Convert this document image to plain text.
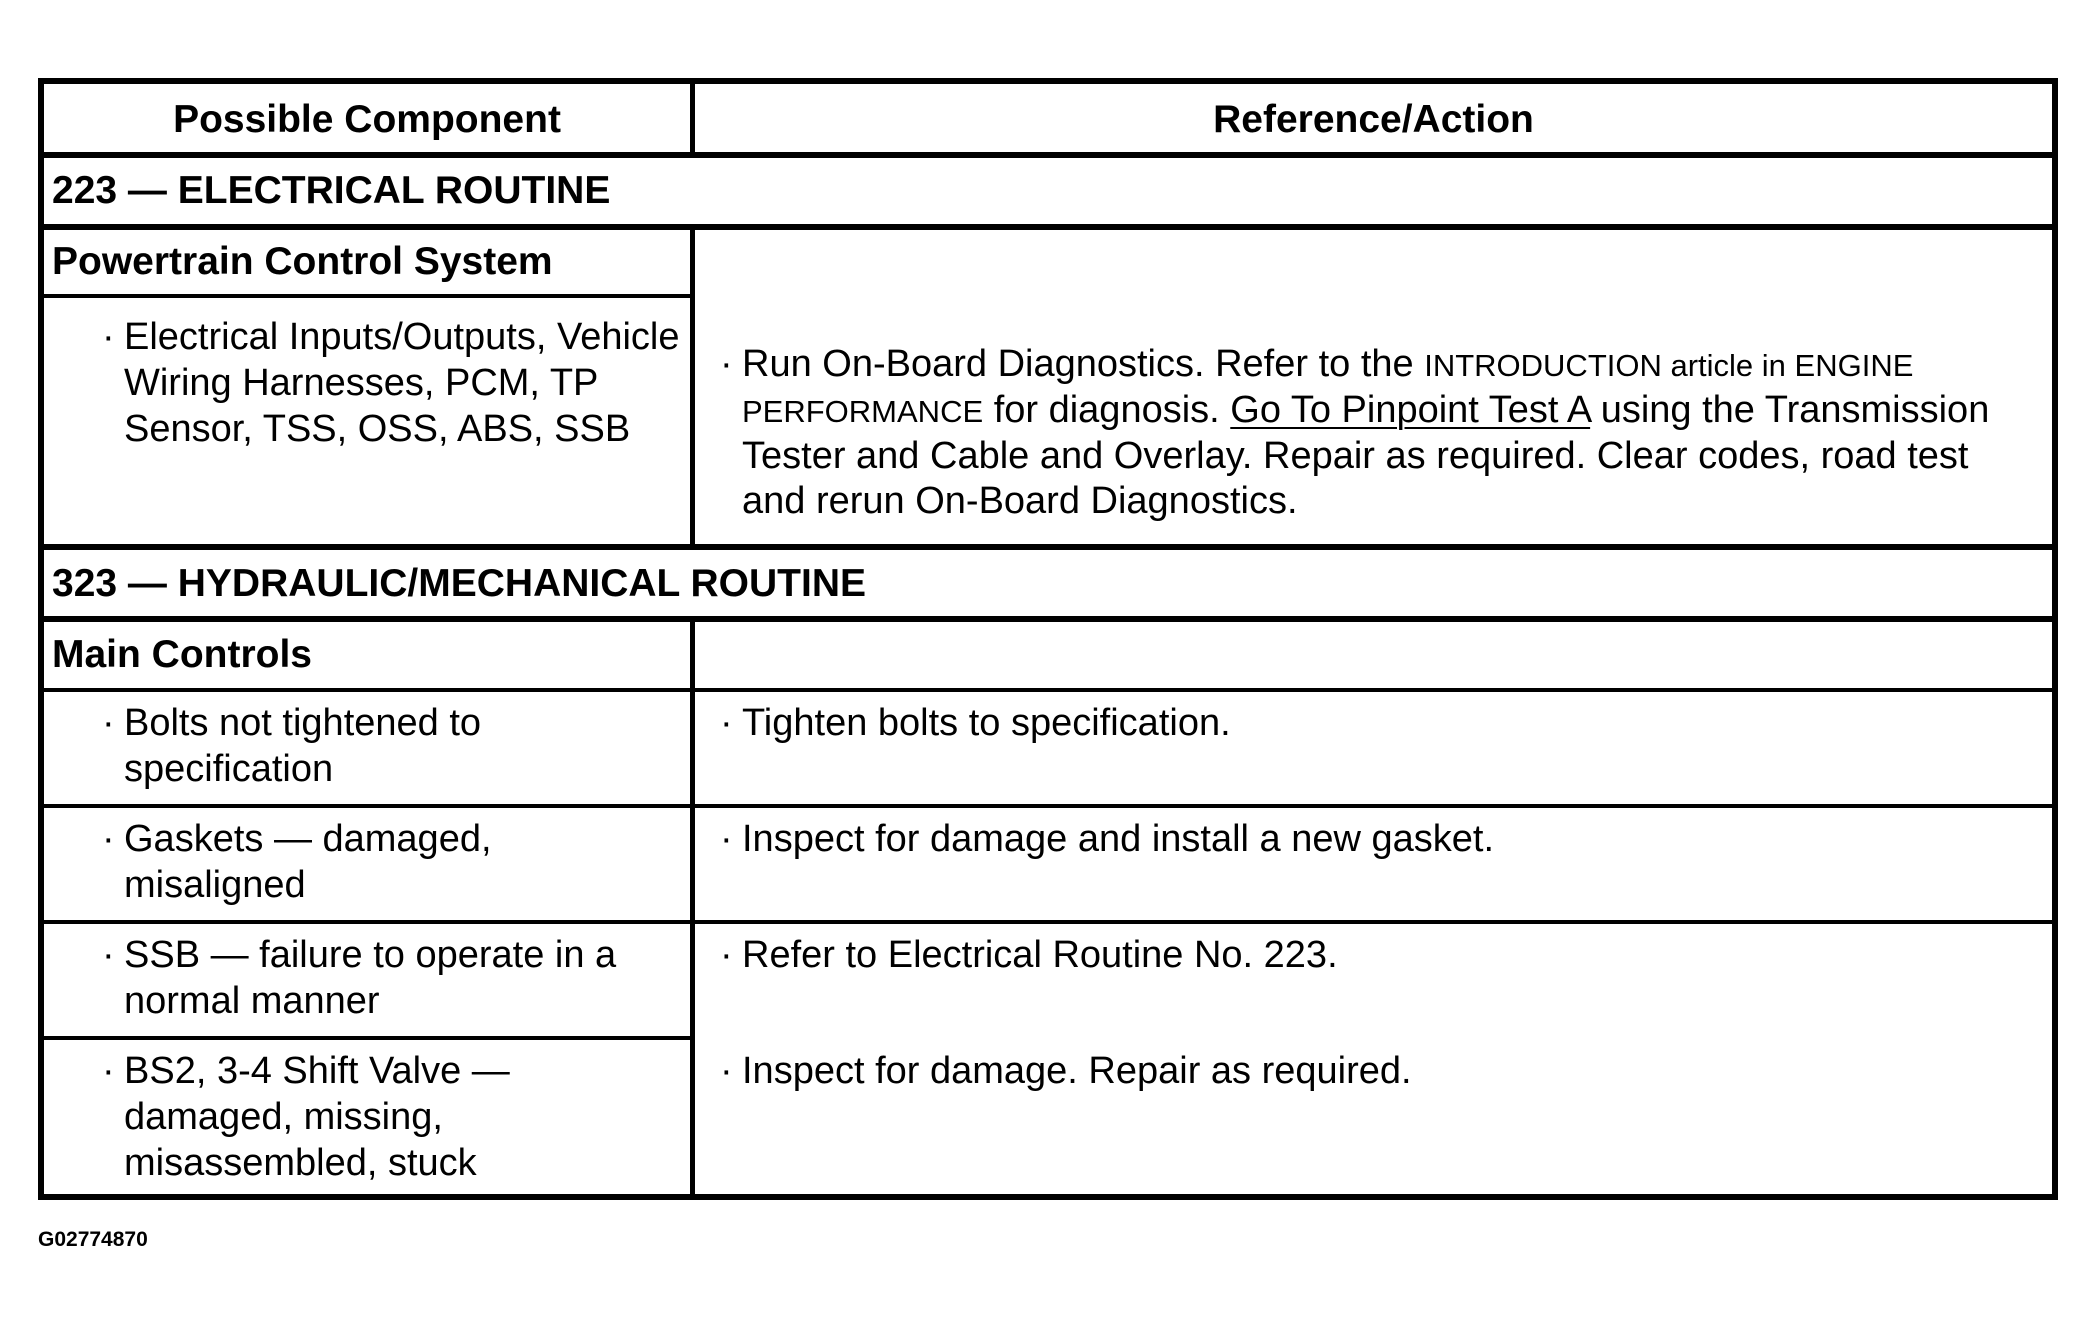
Possible Component	Reference/Action
223 — ELECTRICAL ROUTINE
Powertrain Control System
· Electrical Inputs/Outputs, Vehicle Wiring Harnesses, PCM, TP Sensor, TSS, OSS, ABS, SSB
· Run On-Board Diagnostics. Refer to the INTRODUCTION article in ENGINE PERFORMANCE for diagnosis. Go To Pinpoint Test A using the Transmission Tester and Cable and Overlay. Repair as required. Clear codes, road test and rerun On-Board Diagnostics.
323 — HYDRAULIC/MECHANICAL ROUTINE
Main Controls
· Bolts not tightened to specification
· Tighten bolts to specification.
· Gaskets — damaged, misaligned
· Inspect for damage and install a new gasket.
· SSB — failure to operate in a normal manner
· Refer to Electrical Routine No. 223.
· BS2, 3-4 Shift Valve — damaged, missing, misassembled, stuck
· Inspect for damage. Repair as required.
G02774870
